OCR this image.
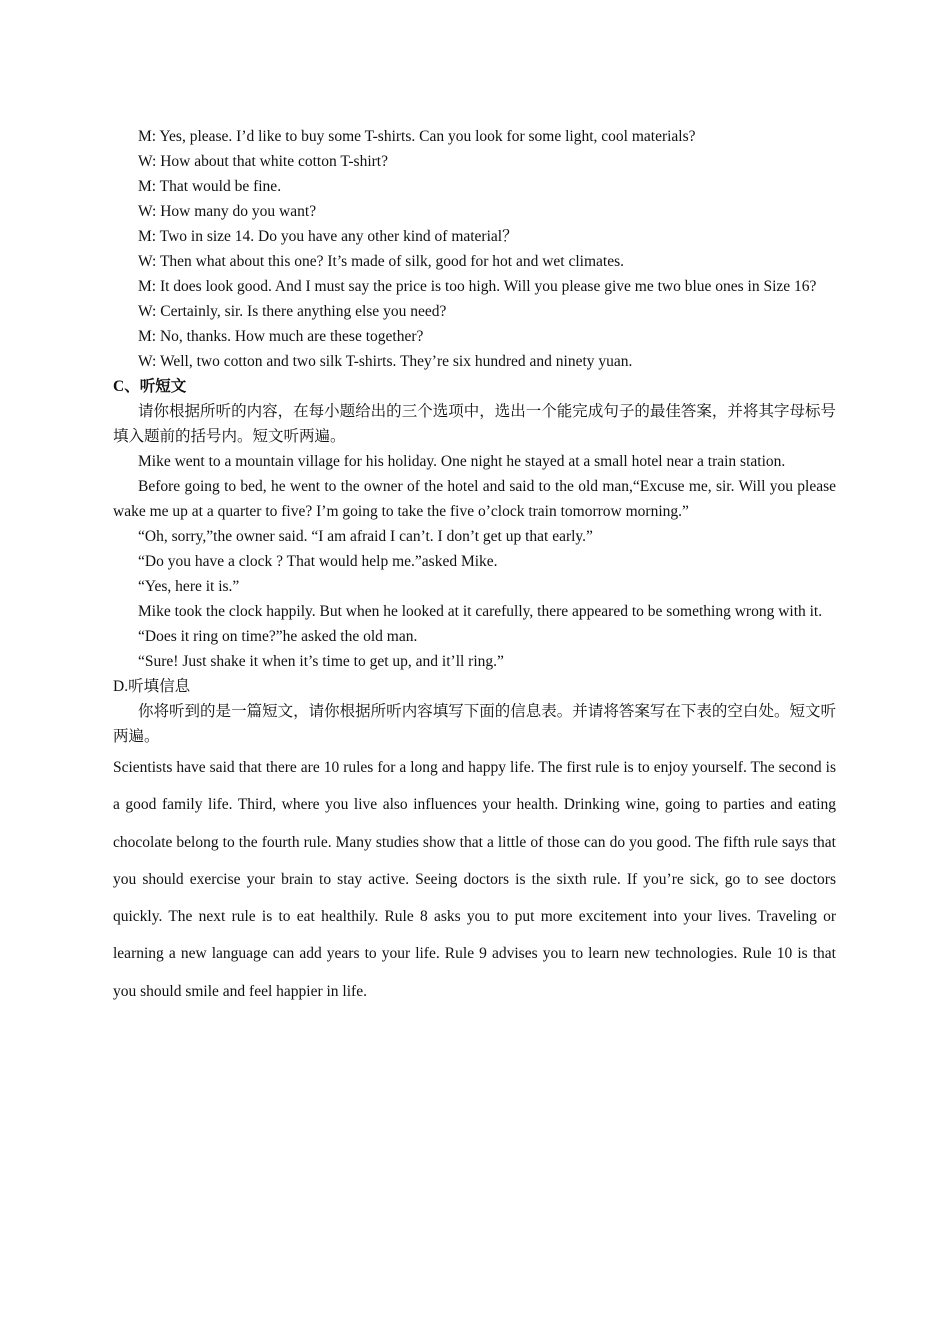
M: Yes, please. I’d like to buy some T-shirts. Can you look for some light, cool materials?
W: How about that white cotton T-shirt?
M: That would be fine.
W: How many do you want?
M: Two in size 14. Do you have any other kind of material？
W: Then what about this one? It’s made of silk, good for hot and wet climates.
M: It does look good. And I must say the price is too high. Will you please give me two blue ones in Size 16?
W: Certainly, sir. Is there anything else you need?
M: No, thanks. How much are these together?
W: Well, two cotton and two silk T-shirts. They’re six hundred and ninety yuan.
C、听短文
请你根据所听的内容，在每小题给出的三个选项中，选出一个能完成句子的最佳答案，并将其字母标号填入题前的括号内。短文听两遍。
Mike went to a mountain village for his holiday. One night he stayed at a small hotel near a train station.
Before going to bed, he went to the owner of the hotel and said to the old man,“Excuse me, sir. Will you please wake me up at a quarter to five? I’m going to take the five o’clock train tomorrow morning.”
“Oh, sorry,”the owner said. “I am afraid I can’t. I don’t get up that early.”
“Do you have a clock ? That would help me.”asked Mike.
“Yes, here it is.”
Mike took the clock happily. But when he looked at it carefully, there appeared to be something wrong with it.
“Does it ring on time?”he asked the old man.
“Sure! Just shake it when it’s time to get up, and it’ll ring.”
D.听填信息
你将听到的是一篇短文，请你根据所听内容填写下面的信息表。并请将答案写在下表的空白处。短文听两遍。
Scientists have said that there are 10 rules for a long and happy life. The first rule is to enjoy yourself. The second is a good family life. Third, where you live also influences your health. Drinking wine, going to parties and eating chocolate belong to the fourth rule. Many studies show that a little of those can do you good. The fifth rule says that you should exercise your brain to stay active. Seeing doctors is the sixth rule. If you’re sick, go to see doctors quickly. The next rule is to eat healthily. Rule 8 asks you to put more excitement into your lives. Traveling or learning a new language can add years to your life. Rule 9 advises you to learn new technologies. Rule 10 is that you should smile and feel happier in life.
